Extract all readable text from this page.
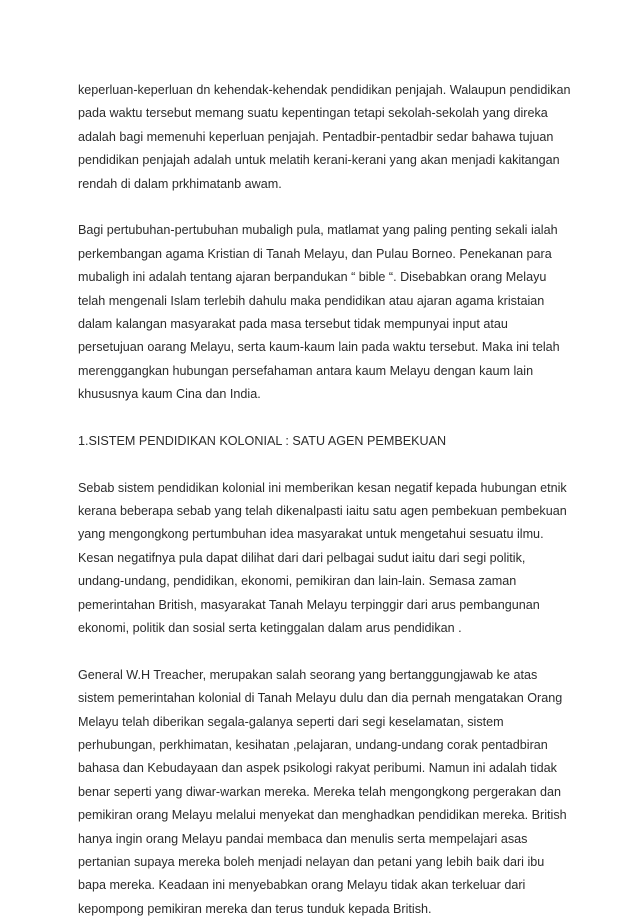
keperluan-keperluan dn kehendak-kehendak pendidikan penjajah. Walaupun pendidikan
pada waktu tersebut memang suatu kepentingan tetapi sekolah-sekolah yang direka
adalah bagi memenuhi keperluan penjajah. Pentadbir-pentadbir sedar bahawa tujuan
pendidikan penjajah adalah untuk melatih kerani-kerani yang akan menjadi kakitangan
rendah di dalam prkhimatanb awam.
Bagi pertubuhan-pertubuhan mubaligh pula, matlamat yang paling penting sekali ialah
perkembangan agama Kristian di Tanah Melayu, dan Pulau Borneo. Penekanan para
mubaligh ini adalah tentang ajaran berpandukan “ bible “. Disebabkan orang Melayu
telah mengenali Islam terlebih dahulu maka pendidikan atau ajaran agama kristaian
dalam kalangan masyarakat pada masa tersebut tidak mempunyai input atau
persetujuan oarang Melayu, serta kaum-kaum lain pada waktu tersebut. Maka ini telah
merenggangkan hubungan persefahaman antara kaum Melayu dengan kaum lain
khususnya kaum Cina dan India.
1.SISTEM PENDIDIKAN KOLONIAL : SATU AGEN PEMBEKUAN
Sebab sistem pendidikan kolonial ini memberikan kesan negatif kepada hubungan etnik
kerana beberapa sebab yang telah dikenalpasti iaitu satu agen pembekuan pembekuan
yang mengongkong pertumbuhan idea masyarakat untuk mengetahui sesuatu ilmu.
Kesan negatifnya pula dapat dilihat dari dari pelbagai sudut iaitu dari segi politik,
undang-undang, pendidikan, ekonomi, pemikiran dan lain-lain. Semasa zaman
pemerintahan British, masyarakat Tanah Melayu terpinggir dari arus pembangunan
ekonomi, politik dan sosial serta ketinggalan dalam arus pendidikan .
General W.H Treacher, merupakan salah seorang yang bertanggungjawab ke atas
sistem pemerintahan kolonial di Tanah Melayu dulu dan dia pernah mengatakan Orang
Melayu telah diberikan segala-galanya seperti dari segi keselamatan, sistem
perhubungan, perkhimatan, kesihatan ,pelajaran, undang-undang corak pentadbiran
bahasa dan Kebudayaan dan aspek psikologi rakyat peribumi. Namun ini adalah tidak
benar seperti yang diwar-warkan mereka. Mereka telah mengongkong pergerakan dan
pemikiran orang Melayu melalui menyekat dan menghadkan pendidikan mereka. British
hanya ingin orang Melayu pandai membaca dan menulis serta mempelajari asas
pertanian supaya mereka boleh menjadi nelayan dan petani yang lebih baik dari ibu
bapa mereka. Keadaan ini menyebabkan orang Melayu tidak akan terkeluar dari
kepompong pemikiran mereka dan terus tunduk kepada British.
